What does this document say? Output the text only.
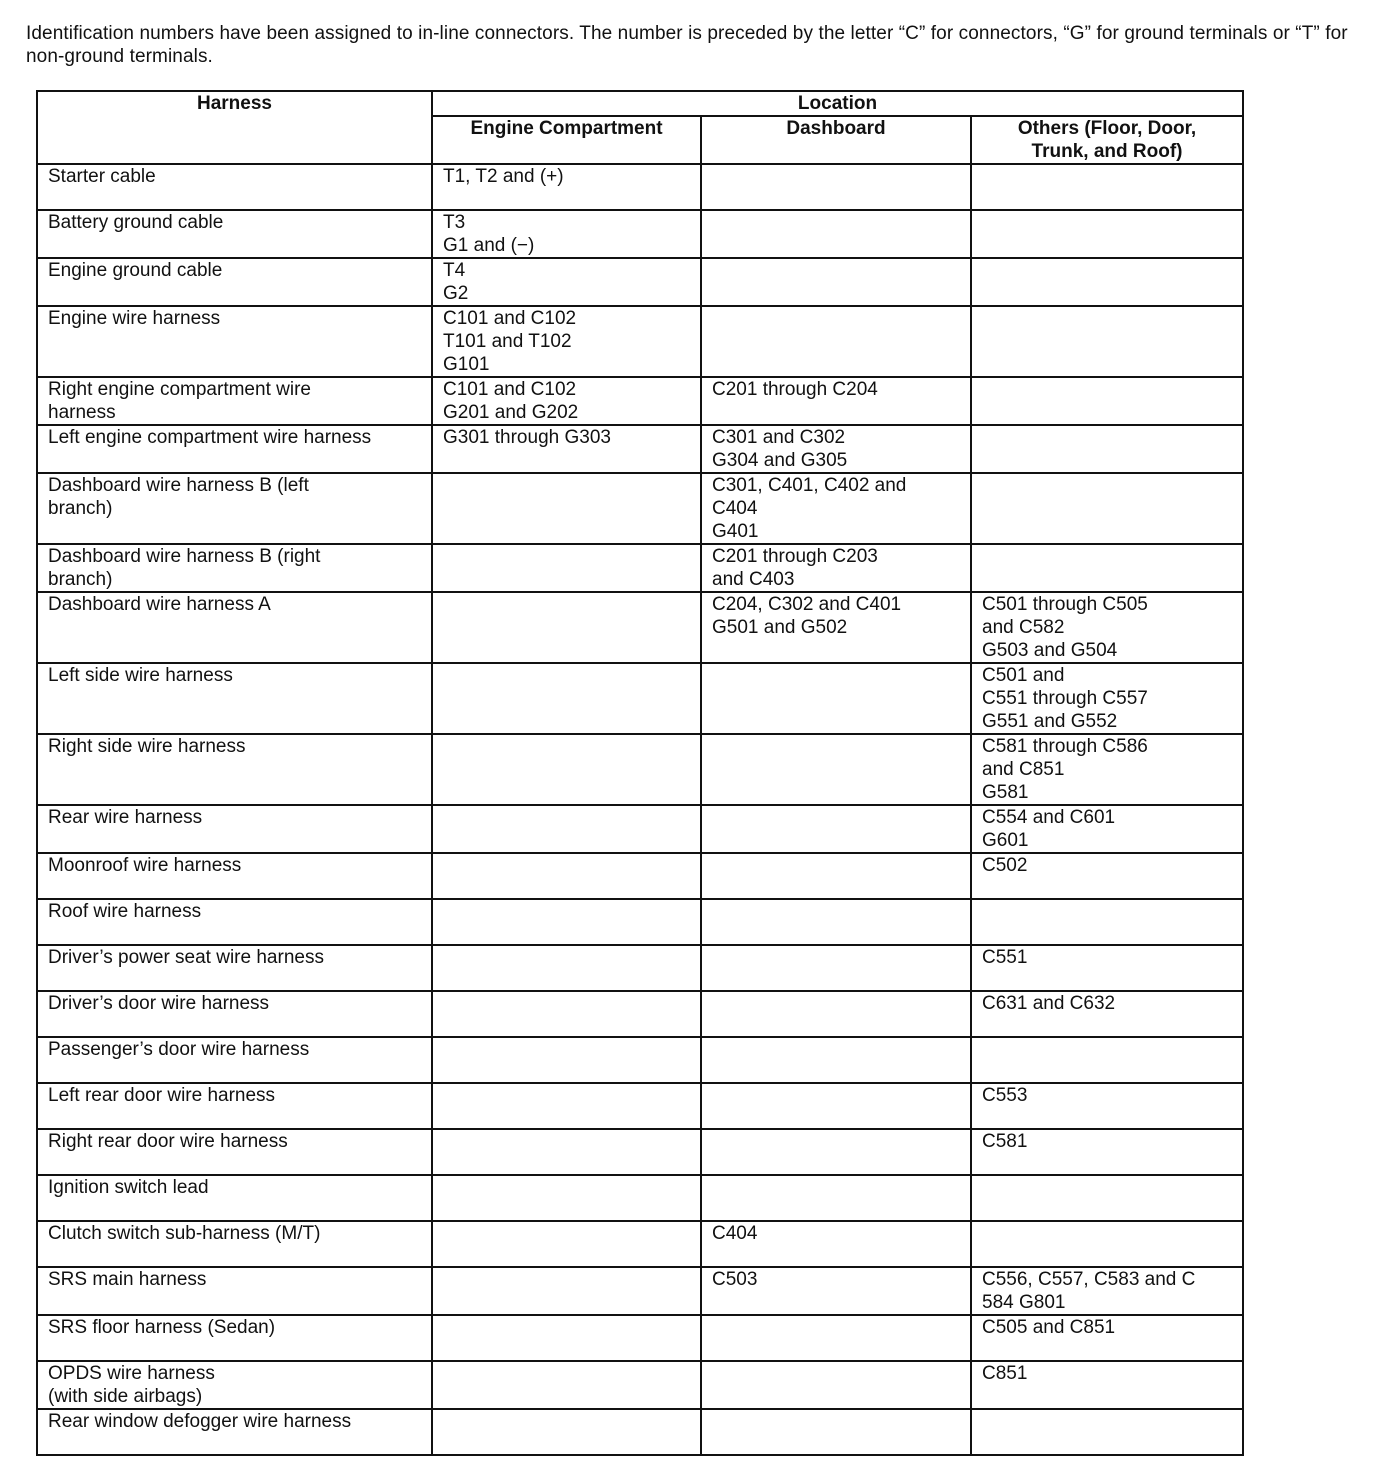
Identification numbers have been assigned to in-line connectors. The number is preceded by the letter “C” for connectors, “G” for ground terminals or “T” for non-ground terminals.
Harness	Location		
	Engine Compartment	Dashboard	Others (Floor, Door,
Trunk, and Roof)
Starter cable	T1, T2 and (+)		
Battery ground cable	T3
G1 and (−)		
Engine ground cable	T4
G2		
Engine wire harness	C101 and C102
T101 and T102
G101		
Right engine compartment wire
harness	C101 and C102
G201 and G202	C201 through C204	
Left engine compartment wire harness	G301 through G303	C301 and C302
G304 and G305	
Dashboard wire harness B (left
branch)		C301, C401, C402 and
C404
G401	
Dashboard wire harness B (right
branch)		C201 through C203
and C403	
Dashboard wire harness A		C204, C302 and C401
G501 and G502	C501 through C505
and C582
G503 and G504
Left side wire harness			C501 and
C551 through C557
G551 and G552
Right side wire harness			C581 through C586
and C851
G581
Rear wire harness			C554 and C601
G601
Moonroof wire harness			C502
Roof wire harness			
Driver’s power seat wire harness			C551
Driver’s door wire harness			C631 and C632
Passenger’s door wire harness			
Left rear door wire harness			C553
Right rear door wire harness			C581
Ignition switch lead			
Clutch switch sub-harness (M/T)		C404	
SRS main harness		C503	C556, C557, C583 and C
584 G801
SRS floor harness (Sedan)			C505 and C851
OPDS wire harness
(with side airbags)			C851
Rear window defogger wire harness			
